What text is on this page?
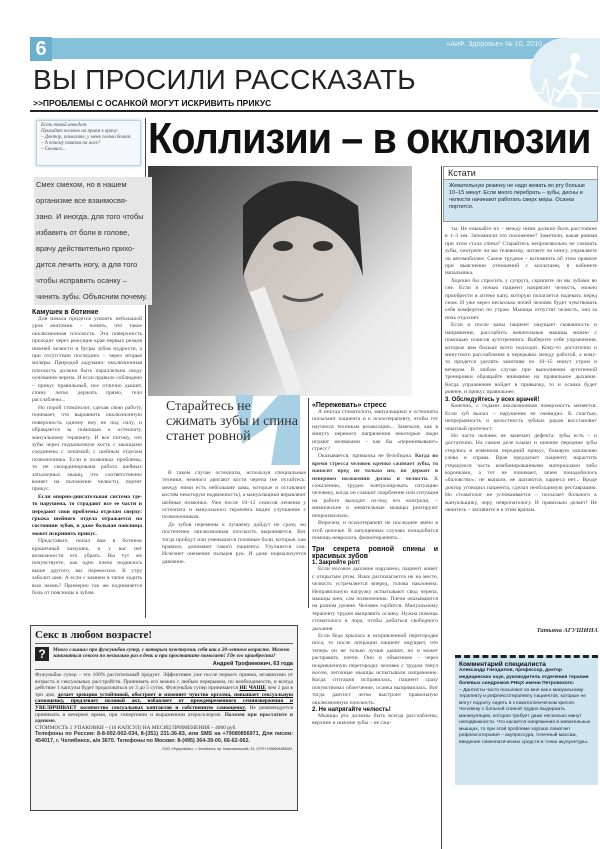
6	«АиФ. Здоровье» № 10, 2010
ВЫ ПРОСИЛИ РАССКАЗАТЬ
>>ПРОБЛЕМЫ С ОСАНКОЙ МОГУТ ИСКРИВИТЬ ПРИКУС
Есть такой анекдот.
Приходит человек на прием к врачу:
– Доктор, помогите, у меня голова болит.
– А почему повязка на ноге?
– Сколиоз...	Коллизии – в окклюзии
Кстати
Жевательную резинку не надо жевать во рту больше 10–15 минут. Если много перебрать – зубы, десны и челюсти начинают работать сверх меры. Осанка портится.
Смех смехом, но в нашем
организме все взаимосвя-
зано. И иногда, для того чтобы
избавить от боли в голове,
врачу действительно прихо-
дится лечить ногу, а для того
чтобы исправить осанку –
чинить зубы. Объясним почему.
Камушек в ботинке

Для начала придется усвоить небольшой урок анатомии – понять, что такое окклюзионная плоскость. Эта поверхность проходит через режущие края первых резцов нижней челюсти и бугры зубов мудрости, а при отсутствии последних – через вторые моляры. Природой задумано: окклюзионная плоскость должна быть параллельна своду основания черепа. И если правило соблюдено – прикус правильный, нос отлично дышит, спину легко держать прямо, тело расслаблено...

Но порой стоматолог, сделав свою работу, понимает, что выровнить окклюзионную поверхность одному ему не под силу, и обращается за помощью к остеопату, мануальному терапевту. И все потому, что зубы через подъязычную кость с мышцами соединены с лопаткой, с шейным отделом позвоночника. Если в позвонках проблемы, то не скоординирована работа шейных затылочных мышц, что соответственно влияет на положение челюсти, портит прикус.

Если опорно-двигательная система где-то нарушена, то страдают все ее части и передают свои проблемы отделам сверху: грыжа шейного отдела отражается на состоянии зубов, и даже больная поясница может искривить прикус.

Представьте, попал вам в ботинок крошечный камушек, и у вас нет возможности его убрать. Вы тут же почувствуете, как одно плечо поднялось выше другого, вас перекосило. К утру заболит шея. А если с камнем в тапке ходить всю жизнь? Примерно так же поднимается боль от поясницы к зубам.

Старайтесь не сжимать зубы и спина станет ровной

В таком случае остеопаты, используя специальные техники, немного двигают кости черепа (не пугайтесь: между ними есть небольшие швы, которые и оставляют костям некоторую подвижность), а мануальщики вправляют шейные позвонки. Уже после 10–12 сеансов лечения у остеопата и мануального терапевта видно улучшение с позвоночником.

До зубов перемены к лучшему дойдут не сразу, но постепенно окклюзионная плоскость выровняется. Вот тогда пройдут или уменьшатся головные боли, которые, как правило, донимают такого пациента. Улучшится сон. Исчезнет онемение пальцев рук. И даже нормализуется давление.

«Пережевать» стресс

А иногда стоматологи, мануальщики и остеопаты посылают пациента и к психотерапевту, чтобы тот научился техникам релаксации... Замечали, как в минуту нервного напряжения некоторые люди играют желваками – как бы «пережевывают» стресс?

Оказывается, привычка не безобидна. Когда во время стресса человек крепко сжимает зубы, то наносит вред не только им, но держит в неверном положении десны и челюсти. К сожалению, трудно контролировать ситуацию человеку, когда он слышит скорбление или ситуация на работе выходит из-под его контроля, – мимические и жевательные мышцы реагируют непроизвольно.

Впрочем, и психотерапевт не последнее звено в этой цепочке. В запущенных случаях понадобится помощь невролога, физиотерапевта...

Три секрета ровной спины и красивых зубов
1. Закройте рот!

Если носовое дыхание нарушено, пациент живет с открытым ртом. Язык располагается не на месте, челюсть устремляется вперед, голова наклонена. Неправильную нагрузку испытывают свод черепа, мышцы шеи, сам позвоночник. Плечи оказываются на разном уровне. Человек горбится. Мануальному терапевту трудно выправить осанку. Нужна помощь стоматолога и лора, чтобы добиться свободного дыхания.

Если беда крылась в искривленной перегородке носа, то после операции пациент ощущает, что теперь он не только лучше дышит, но и может расправить плечи. Оно и объяснимо – через искривленную перегородку человек с трудом тянул носом, легочные мышцы испытывали напряжение. Когда ситуация исправилась, пациент сразу почувствовал облегчение, осанка выпрямилась. Вот тогда дантист легко выстроит правильную окклюзионную плоскость.

2. Не напрягайте челюсть!

Мышцы рта должны быть всегда расслаблены, верхние и нижние зубы – не сжа-

ты. Не смыкайте их – между ними должно быть расстояние в 1–3 мм. Запомнили это положение? Заметили, какая ровная при этом стала спина? Старайтесь непроизвольно не сжимать зубы, смотрите ли вы телевизор, читаете ли книгу, управляете ли автомобилем. Самое трудное – вспомнить об этом правиле при выяснении отношений с коллегами, в кабинете начальника.

Хорошо бы спросить у супруга, скрипите ли вы зубами во сне. Если и ночью пациент напрягает челюсть, можно приобрести в аптеке капу, которую полагается надевать перед сном. И уже через несколько ночей человек будет чувствовать себя комфортно по утрам. Мышцы отпустят челюсть, она за ночь отдохнет.

Если и после капы пациент ощущает скованность и напряжение, расслабить жевательные мышцы можно с помощью сеансов аутотренинга. Выберите себе упражнения, которые вам больше всего подходят. Кому-то достаточно и минутного расслабления в перерывах между работой, а кому-то придется уделить занятиям по 10–15 минут утром и вечером. В любом случае при выполнении аутогенной тренировки обращайте внимание на правильное дыхание. Когда упражнение войдет в привычку, то и осанка будет ровнее, и прикус правильнее.

3. Обследуйтесь у всех врачей!

Конечно, с годами окклюзионная поверхность меняется. Если зуб выпал – нарушение ее очевидно. К счастью, непрерывность и целостность зубных рядов восстановит опытный протезист.

Но часто человек не замечает дефекта: зубы есть – и достаточно. На самом деле клыки и нижние передние зубы стерлись и изменили передний прикус, боковую окклюзию слева и справа. Врач предлагает пациенту нарастить стершуюся часть комбинированными материалами либо коронками, а тот не понимает, зачем понадобилось «баловство»: не выпали, не шатаются, кариеса нет... Вроде доктор уговорил пациента, сделал необходимую реставрацию. Но стоматолог не успокаивается – посылает больного к мануальщику, лору, невропатологу. И правильно делает! Не ленитесь – загляните и к этим врачам.

Татьяна АГУШИНА
Комментарий специалиста
Александр Гнездилов, профессор, доктор медицинских наук, руководитель отделения терапии болевых синдромов РНЦХ имени Петровского:
– Дантисты часто посылают ко мне как к мануальному терапевту и рефлексотерапевту пациентов, которые не могут подолгу сидеть в стоматологическом кресле. Человеку с больной спиной трудно выдержать манипуляцию, которая требует даже несколько минут неподвижности. Что касается напряжения в жевательных мышцах, то при этой проблеме хорошо помогает рефлексотерапия – акупрессура, точечный массаж, введение гомеопатических средств в точки акупунктуры.
Секс в любом возрасте!
?	Много слышал про фужуньбао супер, с которым чувствуешь себя как в 20-летнем возрасте. Можно заниматься сексом по несколько раз в день и при простатите помогает! Где его приобрести?
Андрей Трофимович, 63 года
Фужуньбао супер – это 100% растительный продукт. Эффективен уже после первого приема, независимо от возраста и сексуальных расстройств. Принимать его можно с любым перерывом, по необходимости, и всегда действие 1 капсулы будет продолжаться от 3 до 5 суток. Фужуньбао супер принимается НЕ ЧАЩЕ чем 1 раз в три дня, делает эрекцию устойчивой, обостряет и изменяет чувство оргазма, повышает сексуальную самооценку, продлевает половой акт, избавляет от преждевременного семяизвержения и УВЕЛИЧИВАЕТ количество сексуальных контактов и собственную самооценку. Не рекомендуется принимать в вечернее время, при гипертонии и выраженном атеросклерозе. Полезен при простатите и аденоме.
СТОИМОСТЬ 1 УПАКОВКИ – (10 КАПСУЛ) НА МЕСЯЦ ПРИМЕНЕНИЯ – 4000 руб.
Телефоны по России: 8-8-002-002-034, 8-(351) 231-36-83, или SMS на +79080856971, Для писем: 454017, г. Челябинск, а/я 3670. Телефоны по Москве: 8-(495) 364-39-00, 66-62-062.
ООО «Фужуньбао», г. Челябинск, пр. Комсомольский, 33, ОГРН 1056604485083.
